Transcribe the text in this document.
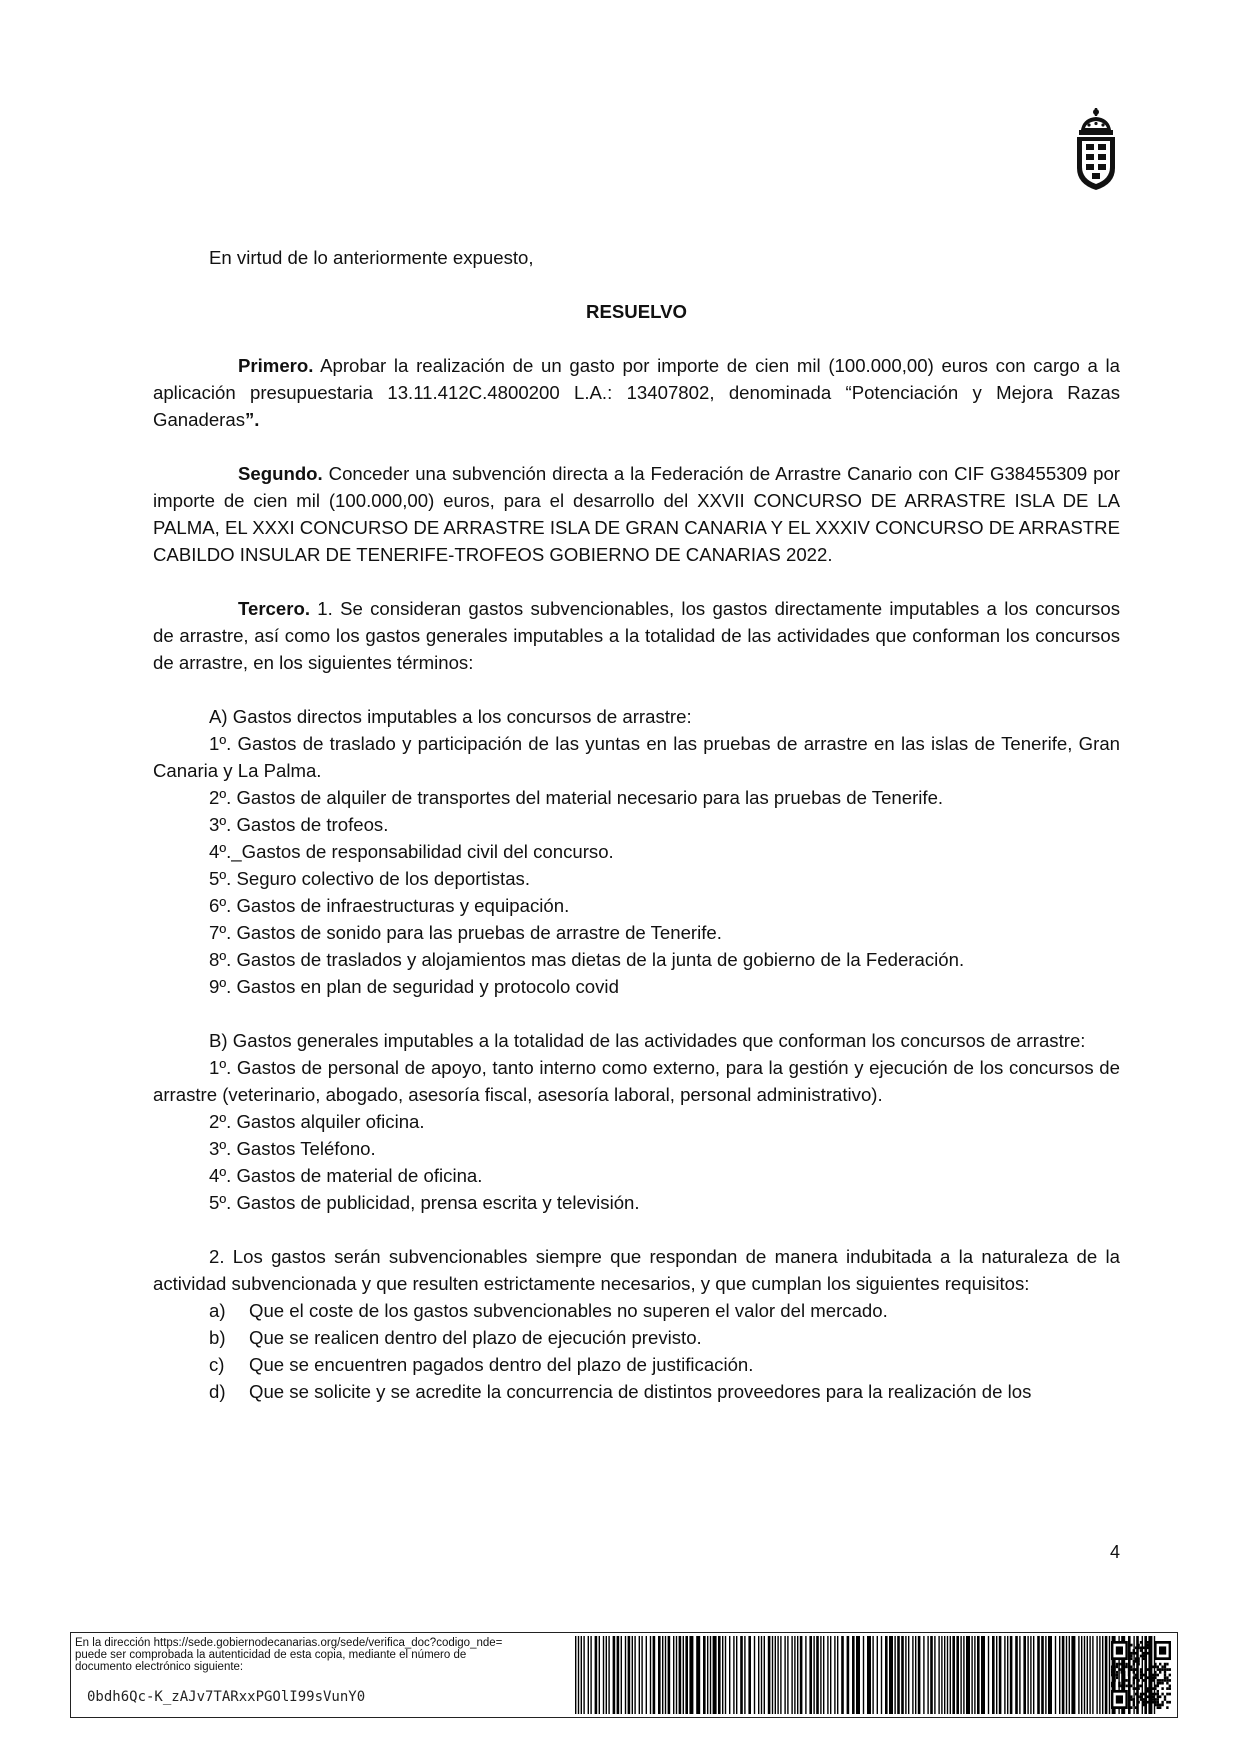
En virtud de lo anteriormente expuesto,

RESUELVO

Primero. Aprobar la realización de un gasto por importe de cien mil (100.000,00) euros con cargo a la aplicación presupuestaria 13.11.412C.4800200 L.A.: 13407802, denominada “Potenciación y Mejora Razas Ganaderas”.

Segundo. Conceder una subvención directa a la Federación de Arrastre Canario con CIF G38455309 por importe de cien mil (100.000,00) euros, para el desarrollo del XXVII CONCURSO DE ARRASTRE ISLA DE LA PALMA, EL XXXI CONCURSO DE ARRASTRE ISLA DE GRAN CANARIA Y EL XXXIV CONCURSO DE ARRASTRE CABILDO INSULAR DE TENERIFE-TROFEOS GOBIERNO DE CANARIAS 2022.

Tercero. 1. Se consideran gastos subvencionables, los gastos directamente imputables a los concursos de arrastre, así como los gastos generales imputables a la totalidad de las actividades que conforman los concursos de arrastre, en los siguientes términos:

A) Gastos directos imputables a los concursos de arrastre:

1º. Gastos de traslado y participación de las yuntas en las pruebas de arrastre en las islas de Tenerife, Gran Canaria y La Palma.

2º. Gastos de alquiler de transportes del material necesario para las pruebas de Tenerife.

3º. Gastos de trofeos.

4º._Gastos de responsabilidad civil del concurso.

5º. Seguro colectivo de los deportistas.

6º. Gastos de infraestructuras y equipación.

7º. Gastos de sonido para las pruebas de arrastre de Tenerife.

8º. Gastos de traslados y alojamientos mas dietas de la junta de gobierno de la Federación.

9º. Gastos en plan de seguridad y protocolo covid

B) Gastos generales imputables a la totalidad de las actividades que conforman los concursos de arrastre:

1º. Gastos de personal de apoyo, tanto interno como externo, para la gestión y ejecución de los concursos de arrastre (veterinario, abogado, asesoría fiscal, asesoría laboral, personal administrativo).

2º. Gastos alquiler oficina.

3º. Gastos Teléfono.

4º. Gastos de material de oficina.

5º. Gastos de publicidad, prensa escrita y televisión.

2. Los gastos serán subvencionables siempre que respondan de manera indubitada a la naturaleza de la actividad subvencionada y que resulten estrictamente necesarios, y que cumplan los siguientes requisitos:

a)	Que el coste de los gastos subvencionables no superen el valor del mercado.
b)	Que se realicen dentro del plazo de ejecución previsto.
c)	Que se encuentren pagados dentro del plazo de justificación.
d)	Que se solicite y se acredite la concurrencia de distintos proveedores para la realización de los
4
En la dirección https://sede.gobiernodecanarias.org/sede/verifica_doc?codigo_nde=
puede ser comprobada la autenticidad de esta copia, mediante el número de
documento electrónico siguiente:
0bdh6Qc-K_zAJv7TARxxPGOlI99sVunY0
